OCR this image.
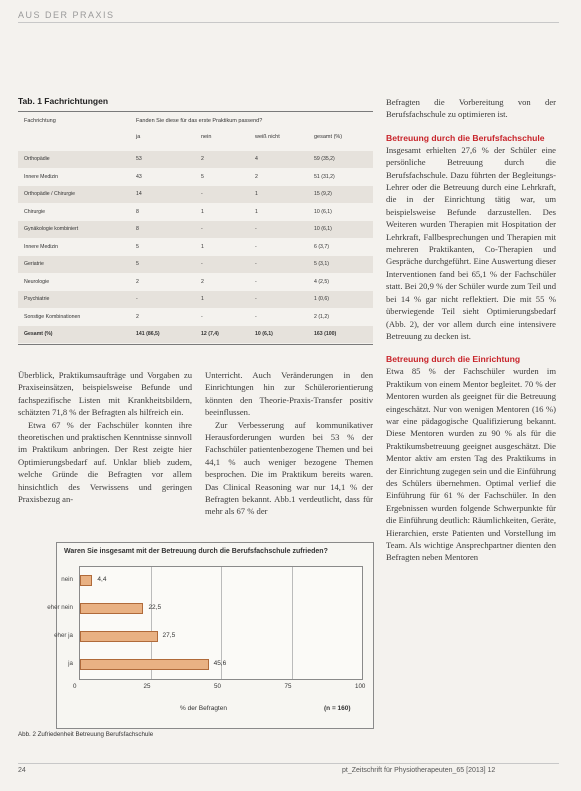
AUS DER PRAXIS
Tab. 1 Fachrichtungen
Fachrichtung	Fanden Sie diese für das erste Praktikum passend?
ja	nein	weiß nicht	gesamt (%)
Orthopädie	53	2	4	59 (35,2)
Innere Medizin	43	5	2	51 (31,2)
Orthopädie / Chirurgie	14	-	1	15 (9,2)
Chirurgie	8	1	1	10 (6,1)
Gynäkologie kombiniert	8	-	-	10 (6,1)
Innere Medizin	5	1	-	6 (3,7)
Geriatrie	5	-	-	5 (3,1)
Neurologie	2	2	-	4 (2,5)
Psychiatrie	-	1	-	1 (0,6)
Sonstige Kombinationen	2	-	-	2 (1,2)
Gesamt (%)	141 (86,5)	12 (7,4)	10 (6,1)	163 (100)

Überblick, Praktikumsaufträge und Vorgaben zu Praxiseinsätzen, beispielsweise Befunde und fachspezifische Listen mit Krankheitsbildern, schätzten 71,8 % der Befragten als hilfreich ein.

Etwa 67 % der Fachschüler konnten ihre theoretischen und praktischen Kenntnisse sinnvoll im Praktikum anbringen. Der Rest zeigte hier Optimierungsbedarf auf. Unklar blieb zudem, welche Gründe die Befragten vor allem hinsichtlich des Verwissens und geringen Praxisbezug an-

Unterricht. Auch Veränderungen in den Einrichtungen hin zur Schülerorientierung könnten den Theorie-Praxis-Transfer positiv beeinflussen.

Zur Verbesserung auf kommunikativer Herausforderungen wurden bei 53 % der Fachschüler patientenbezogene Themen und bei 44,1 % auch weniger bezogene Themen besprochen. Die im Praktikum bereits waren. Das Clinical Reasoning war nur 14,1 % der Befragten bekannt. Abb.1 verdeutlicht, dass für mehr als 67 % der

Befragten die Vorbereitung von der Berufsfachschule zu optimieren ist.

Betreuung durch die Berufsfachschule

Insgesamt erhielten 27,6 % der Schüler eine persönliche Betreuung durch die Berufsfachschule. Dazu führten der Begleitungs-Lehrer oder die Betreuung durch eine Lehrkraft, die in der Einrichtung tätig war, um beispielsweise Befunde darzustellen. Des Weiteren wurden Therapien mit Hospitation der Lehrkraft, Fallbesprechungen und Therapien mit mehreren Praktikanten, Co-Therapien und Gespräche durchgeführt. Eine Auswertung dieser Interventionen fand bei 65,1 % der Fachschüler statt. Bei 20,9 % der Schüler wurde zum Teil und bei 14 % gar nicht reflektiert. Die mit 55 % überwiegende Teil sieht Optimierungsbedarf (Abb. 2), der vor allem durch eine intensivere Betreuung zu decken ist.

Betreuung durch die Einrichtung

Etwa 85 % der Fachschüler wurden im Praktikum von einem Mentor begleitet. 70 % der Mentoren wurden als geeignet für die Betreuung eingeschätzt. Nur von wenigen Mentoren (16 %) war eine pädagogische Qualifizierung bekannt. Diese Mentoren wurden zu 90 % als für die Praktikumsbetreuung geeignet ausgeschätzt. Die Mentor aktiv am ersten Tag des Praktikums in der Einrichtung zugegen sein und die Einführung des Schülers übernehmen. Optimal verlief die Einführung für 61 % der Fachschüler. In den Ergebnissen wurden folgende Schwerpunkte für die Einführung deutlich: Räumlichkeiten, Geräte, Hierarchien, erste Patienten und Vorstellung im Team. Als wichtige Ansprechpartner dienten den Befragten neben Mentoren

Waren Sie insgesamt mit der Betreuung durch die Berufsfachschule zufrieden?
0	25	50	75	100
nein	4,4
eher nein	22,5
eher ja	27,5
ja	45,6
% der Befragten	(n = 160)
Abb. 2 Zufriedenheit Betreuung Berufsfachschule
24	pt_Zeitschrift für Physiotherapeuten_65 [2013] 12
